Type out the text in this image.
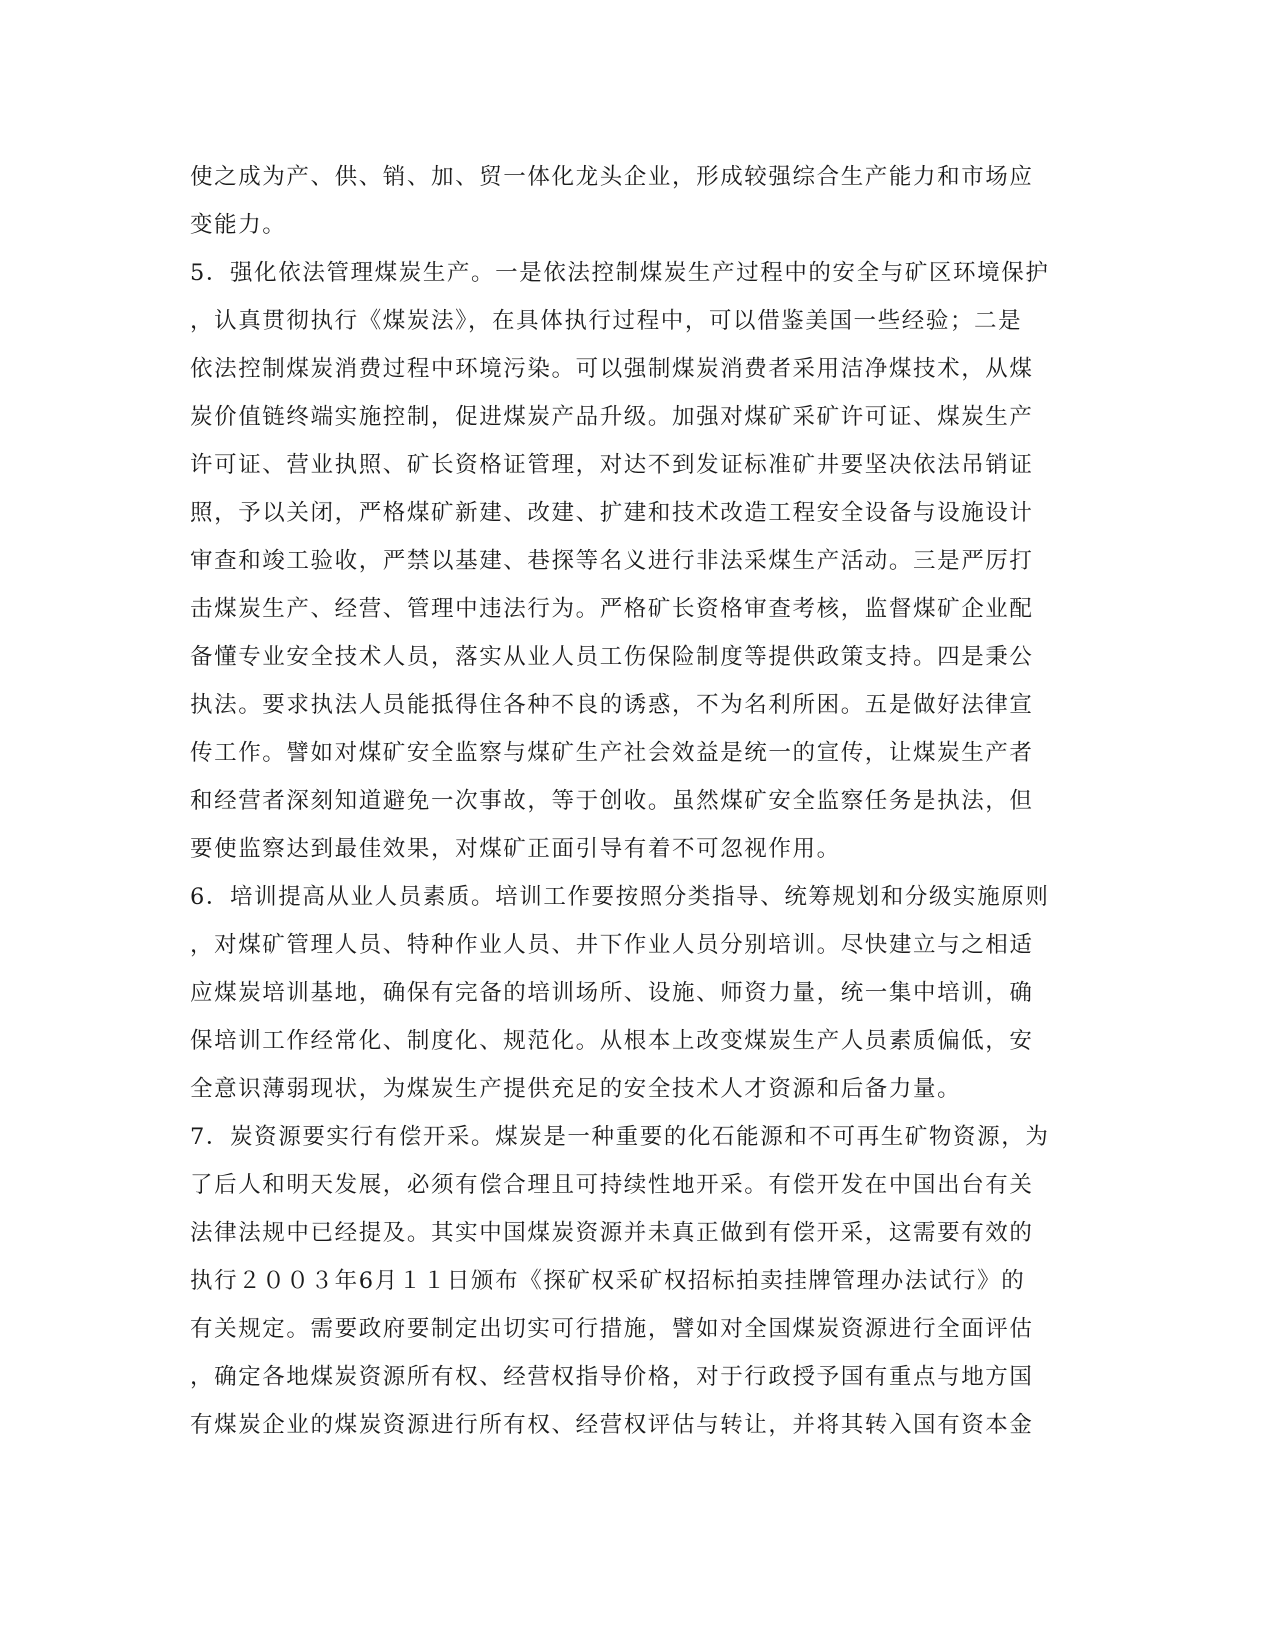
使之成为产、供、销、加、贸一体化龙头企业，形成较强综合生产能力和市场应
变能力。
5．强化依法管理煤炭生产。一是依法控制煤炭生产过程中的安全与矿区环境保护
，认真贯彻执行《煤炭法》，在具体执行过程中，可以借鉴美国一些经验；二是
依法控制煤炭消费过程中环境污染。可以强制煤炭消费者采用洁净煤技术，从煤
炭价值链终端实施控制，促进煤炭产品升级。加强对煤矿采矿许可证、煤炭生产
许可证、营业执照、矿长资格证管理，对达不到发证标准矿井要坚决依法吊销证
照，予以关闭，严格煤矿新建、改建、扩建和技术改造工程安全设备与设施设计
审查和竣工验收，严禁以基建、巷探等名义进行非法采煤生产活动。三是严厉打
击煤炭生产、经营、管理中违法行为。严格矿长资格审查考核，监督煤矿企业配
备懂专业安全技术人员，落实从业人员工伤保险制度等提供政策支持。四是秉公
执法。要求执法人员能抵得住各种不良的诱惑，不为名利所困。五是做好法律宣
传工作。譬如对煤矿安全监察与煤矿生产社会效益是统一的宣传，让煤炭生产者
和经营者深刻知道避免一次事故，等于创收。虽然煤矿安全监察任务是执法，但
要使监察达到最佳效果，对煤矿正面引导有着不可忽视作用。
6．培训提高从业人员素质。培训工作要按照分类指导、统筹规划和分级实施原则
，对煤矿管理人员、特种作业人员、井下作业人员分别培训。尽快建立与之相适
应煤炭培训基地，确保有完备的培训场所、设施、师资力量，统一集中培训，确
保培训工作经常化、制度化、规范化。从根本上改变煤炭生产人员素质偏低，安
全意识薄弱现状，为煤炭生产提供充足的安全技术人才资源和后备力量。
7．炭资源要实行有偿开采。煤炭是一种重要的化石能源和不可再生矿物资源，为
了后人和明天发展，必须有偿合理且可持续性地开采。有偿开发在中国出台有关
法律法规中已经提及。其实中国煤炭资源并未真正做到有偿开采，这需要有效的
执行２００３年6月１１日颁布《探矿权采矿权招标拍卖挂牌管理办法试行》的
有关规定。需要政府要制定出切实可行措施，譬如对全国煤炭资源进行全面评估
，确定各地煤炭资源所有权、经营权指导价格，对于行政授予国有重点与地方国
有煤炭企业的煤炭资源进行所有权、经营权评估与转让，并将其转入国有资本金
